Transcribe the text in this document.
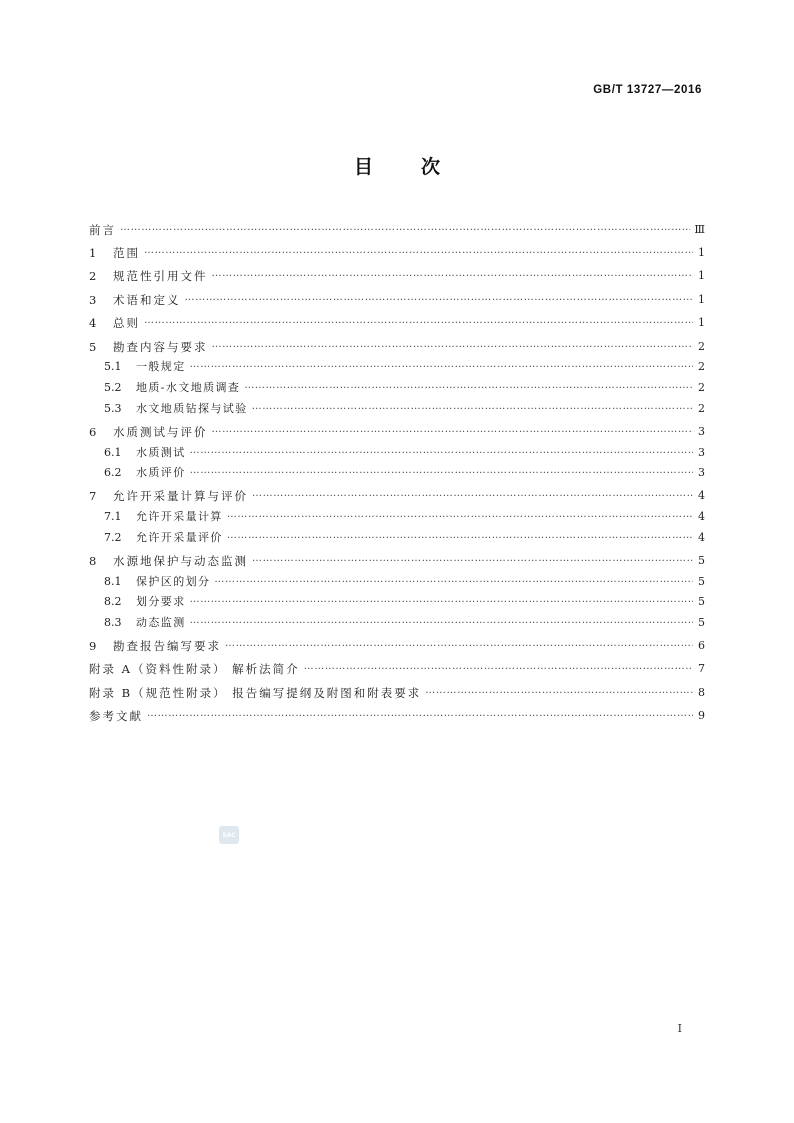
GB/T 13727—2016
目	次
前言 …………………………………………………………………………………………………………………………………………………………………………………………………………………………………………………………	Ⅲ
1	范围 …………………………………………………………………………………………………………………………………………………………………………………………………………………………………………………………	1
2	规范性引用文件 …………………………………………………………………………………………………………………………………………………………………………………………………………………………………………………………	1
3	术语和定义 …………………………………………………………………………………………………………………………………………………………………………………………………………………………………………………………	1
4	总则 …………………………………………………………………………………………………………………………………………………………………………………………………………………………………………………………	1
5	勘查内容与要求 …………………………………………………………………………………………………………………………………………………………………………………………………………………………………………………………	2
5.1	一般规定 …………………………………………………………………………………………………………………………………………………………………………………………………………………………………………………………	2
5.2	地质-水文地质调查 …………………………………………………………………………………………………………………………………………………………………………………………………………………………………………………………	2
5.3	水文地质钻探与试验 …………………………………………………………………………………………………………………………………………………………………………………………………………………………………………………………	2
6	水质测试与评价 …………………………………………………………………………………………………………………………………………………………………………………………………………………………………………………………	3
6.1	水质测试 …………………………………………………………………………………………………………………………………………………………………………………………………………………………………………………………	3
6.2	水质评价 …………………………………………………………………………………………………………………………………………………………………………………………………………………………………………………………	3
7	允许开采量计算与评价 …………………………………………………………………………………………………………………………………………………………………………………………………………………………………………………………	4
7.1	允许开采量计算 …………………………………………………………………………………………………………………………………………………………………………………………………………………………………………………………	4
7.2	允许开采量评价 …………………………………………………………………………………………………………………………………………………………………………………………………………………………………………………………	4
8	水源地保护与动态监测 …………………………………………………………………………………………………………………………………………………………………………………………………………………………………………………………	5
8.1	保护区的划分 …………………………………………………………………………………………………………………………………………………………………………………………………………………………………………………………	5
8.2	划分要求 …………………………………………………………………………………………………………………………………………………………………………………………………………………………………………………………	5
8.3	动态监测 …………………………………………………………………………………………………………………………………………………………………………………………………………………………………………………………	5
9	勘查报告编写要求 …………………………………………………………………………………………………………………………………………………………………………………………………………………………………………………………	6
附录 A（资料性附录） 解析法简介 …………………………………………………………………………………………………………………………………………………………………………………………………………………………………………………………	7
附录 B（规范性附录） 报告编写提纲及附图和附表要求 …………………………………………………………………………………………………………………………………………………………………………………………………………………………………………………………	8
参考文献 …………………………………………………………………………………………………………………………………………………………………………………………………………………………………………………………	9
SAC
Ⅰ
